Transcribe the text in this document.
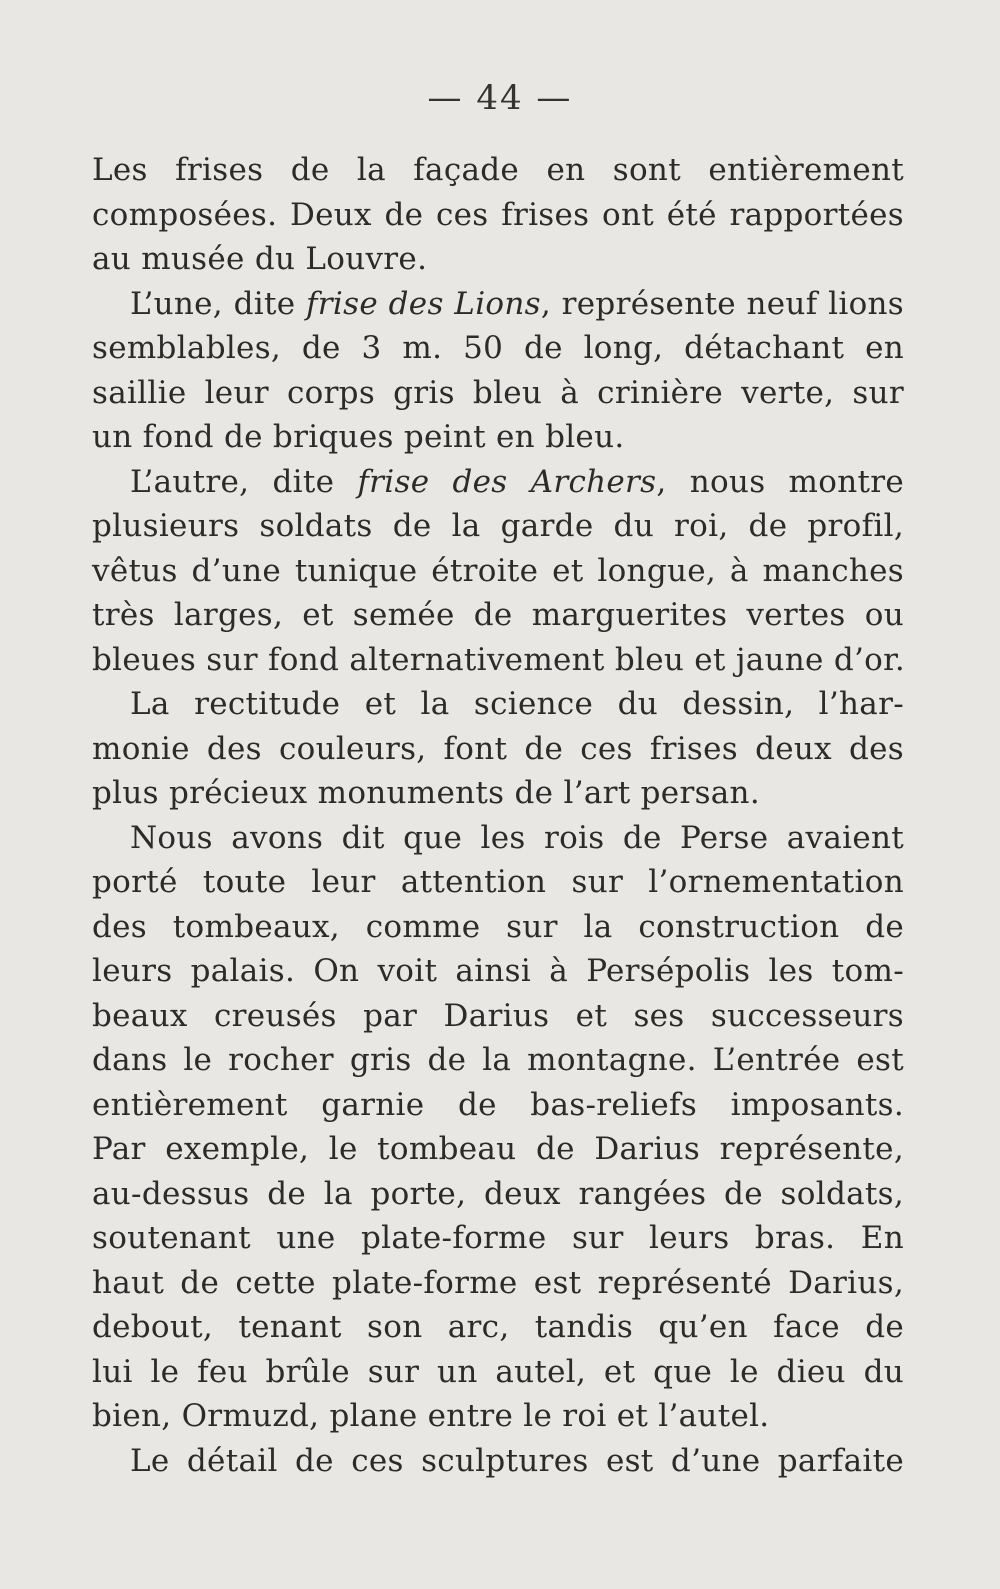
— 44 —
Les frises de la façade en sont entièrement
composées. Deux de ces frises ont été rapportées
au musée du Louvre.
L’une, dite frise des Lions, représente neuf lions
semblables, de 3 m. 50 de long, détachant en
saillie leur corps gris bleu à crinière verte, sur
un fond de briques peint en bleu.
L’autre, dite frise des Archers, nous montre
plusieurs soldats de la garde du roi, de profil,
vêtus d’une tunique étroite et longue, à manches
très larges, et semée de marguerites vertes ou
bleues sur fond alternativement bleu et jaune d’or.
La rectitude et la science du dessin, l’har-
monie des couleurs, font de ces frises deux des
plus précieux monuments de l’art persan.
Nous avons dit que les rois de Perse avaient
porté toute leur attention sur l’ornementation
des tombeaux, comme sur la construction de
leurs palais. On voit ainsi à Persépolis les tom-
beaux creusés par Darius et ses successeurs
dans le rocher gris de la montagne. L’entrée est
entièrement garnie de bas-reliefs imposants.
Par exemple, le tombeau de Darius représente,
au-dessus de la porte, deux rangées de soldats,
soutenant une plate-forme sur leurs bras. En
haut de cette plate-forme est représenté Darius,
debout, tenant son arc, tandis qu’en face de
lui le feu brûle sur un autel, et que le dieu du
bien, Ormuzd, plane entre le roi et l’autel.
Le détail de ces sculptures est d’une parfaite
